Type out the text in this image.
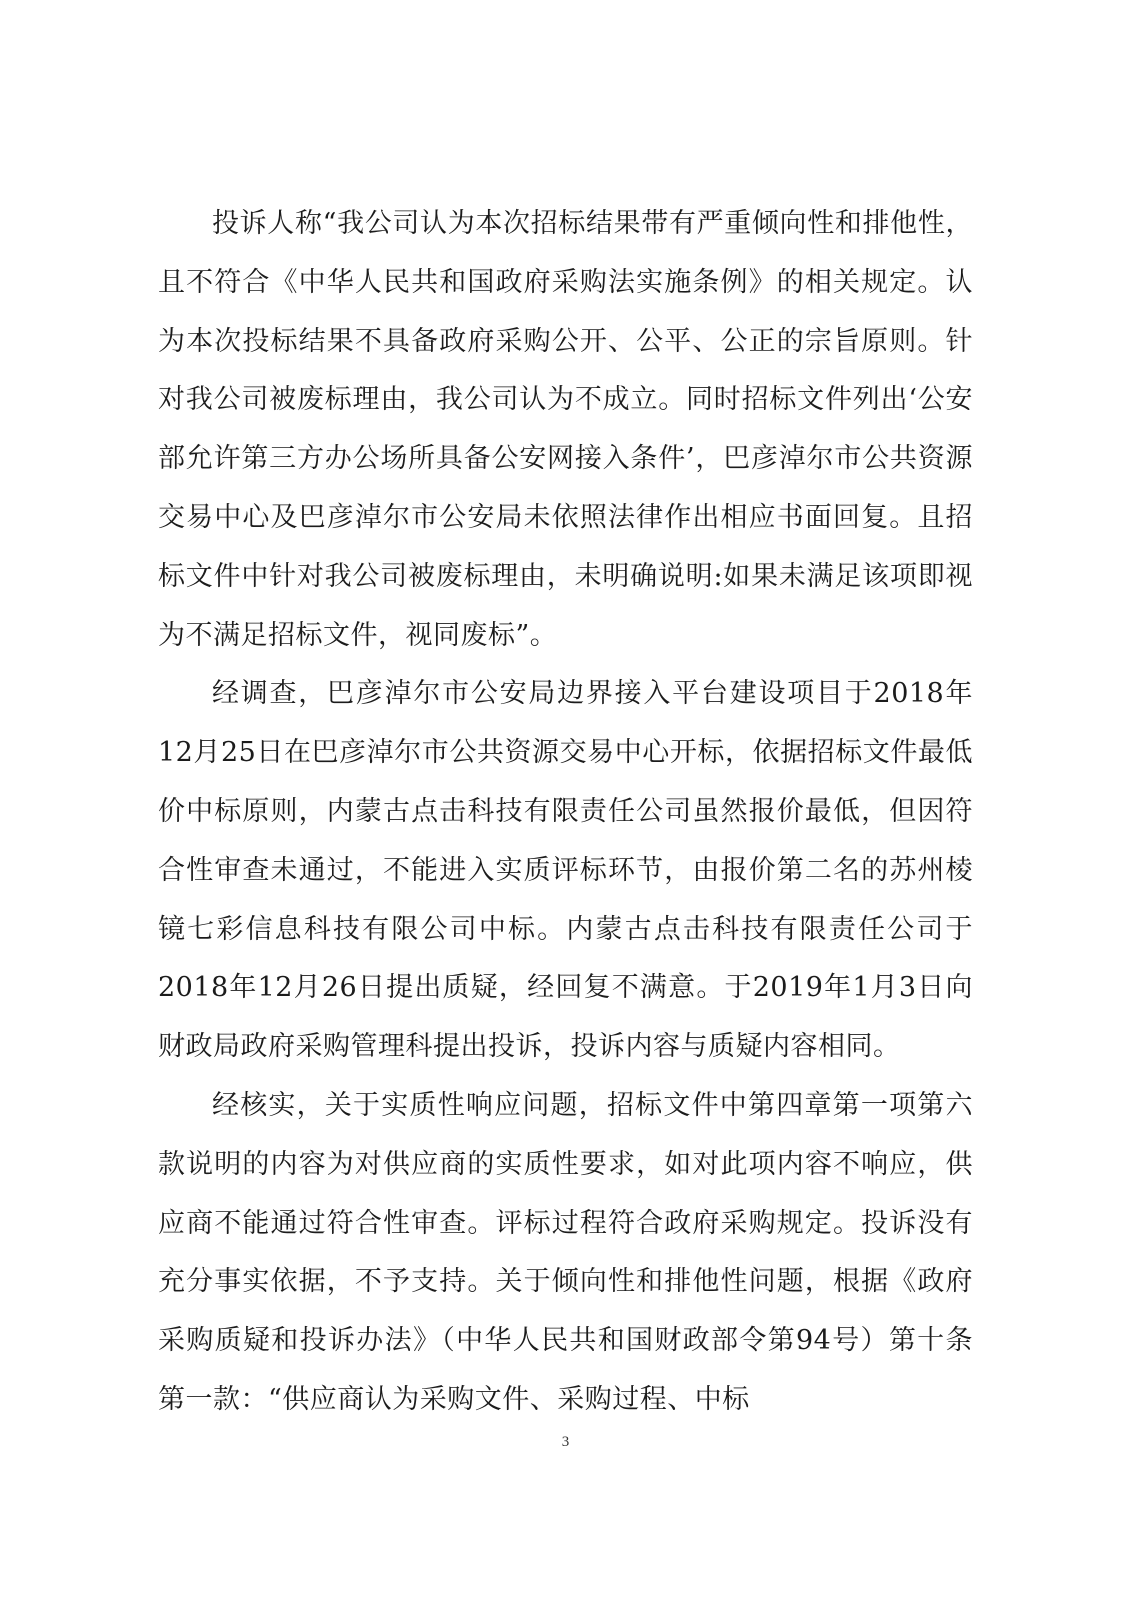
投诉人称“我公司认为本次招标结果带有严重倾向性和排他性，且不符合《中华人民共和国政府采购法实施条例》的相关规定。认为本次投标结果不具备政府采购公开、公平、公正的宗旨原则。针对我公司被废标理由，我公司认为不成立。同时招标文件列出‘公安部允许第三方办公场所具备公安网接入条件’，巴彦淖尔市公共资源交易中心及巴彦淖尔市公安局未依照法律作出相应书面回复。且招标文件中针对我公司被废标理由，未明确说明:如果未满足该项即视为不满足招标文件，视同废标”。

经调查，巴彦淖尔市公安局边界接入平台建设项目于2018年12月25日在巴彦淖尔市公共资源交易中心开标，依据招标文件最低价中标原则，内蒙古点击科技有限责任公司虽然报价最低，但因符合性审查未通过，不能进入实质评标环节，由报价第二名的苏州棱镜七彩信息科技有限公司中标。内蒙古点击科技有限责任公司于2018年12月26日提出质疑，经回复不满意。于2019年1月3日向财政局政府采购管理科提出投诉，投诉内容与质疑内容相同。

经核实，关于实质性响应问题，招标文件中第四章第一项第六款说明的内容为对供应商的实质性要求，如对此项内容不响应，供应商不能通过符合性审查。评标过程符合政府采购规定。投诉没有充分事实依据，不予支持。关于倾向性和排他性问题，根据《政府采购质疑和投诉办法》（中华人民共和国财政部令第94号）第十条第一款：“供应商认为采购文件、采购过程、中标

3
